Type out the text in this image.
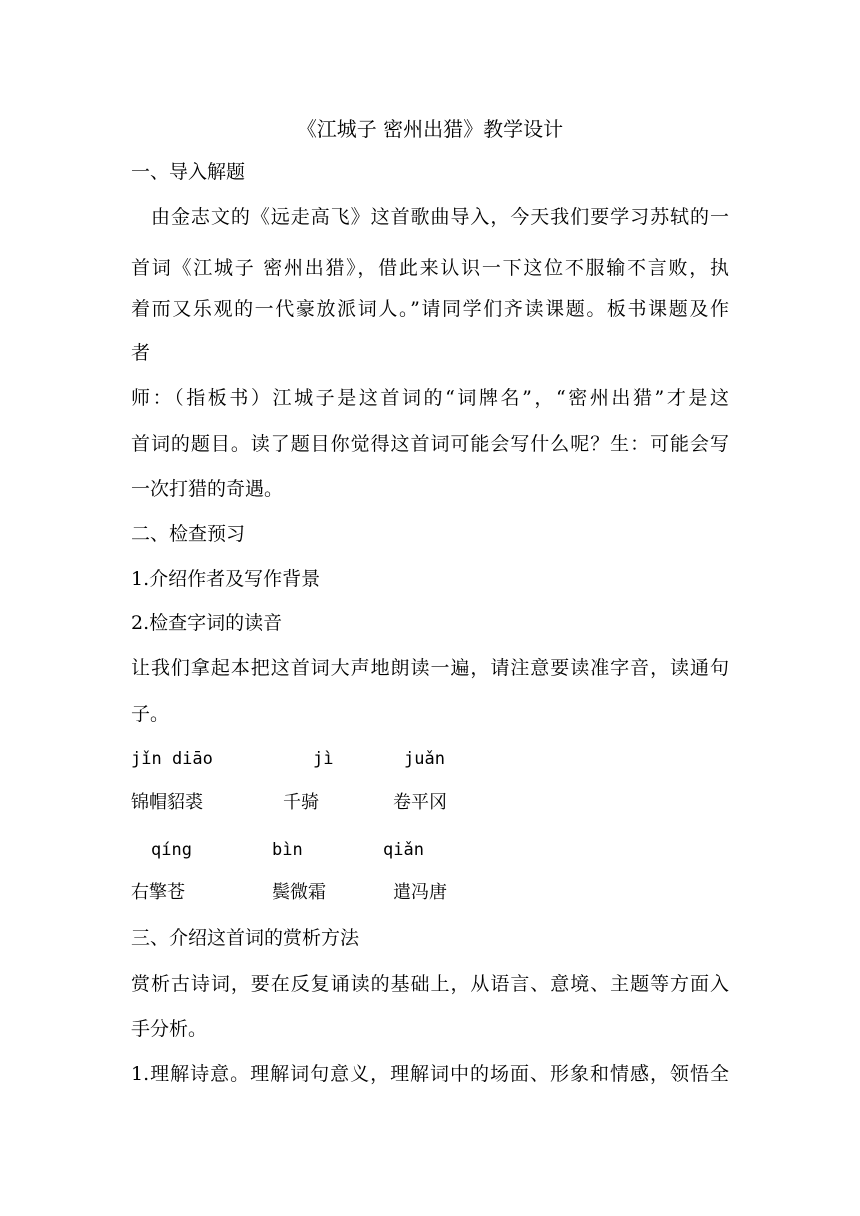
《江城子 密州出猎》教学设计
一、导入解题
由金志文的《远走高飞》这首歌曲导入，今天我们要学习苏轼的一
首词《江城子 密州出猎》，借此来认识一下这位不服输不言败，执
着而又乐观的一代豪放派词人。”请同学们齐读课题。板书课题及作
者
师：（指板书）江城子是这首词的“词牌名”，“密州出猎”才是这
首词的题目。读了题目你觉得这首词可能会写什么呢？生：可能会写
一次打猎的奇遇。
二、检查预习
1.介绍作者及写作背景
2.检查字词的读音
让我们拿起本把这首词大声地朗读一遍，请注意要读准字音，读通句
子。
jǐn diāo	jì	juǎn
锦帽貂裘	千骑	卷平冈
qíng	bìn	qiǎn
右擎苍	鬓微霜	遣冯唐
三、介绍这首词的赏析方法
赏析古诗词，要在反复诵读的基础上，从语言、意境、主题等方面入
手分析。
1.理解诗意。理解词句意义，理解词中的场面、形象和情感，领悟全
